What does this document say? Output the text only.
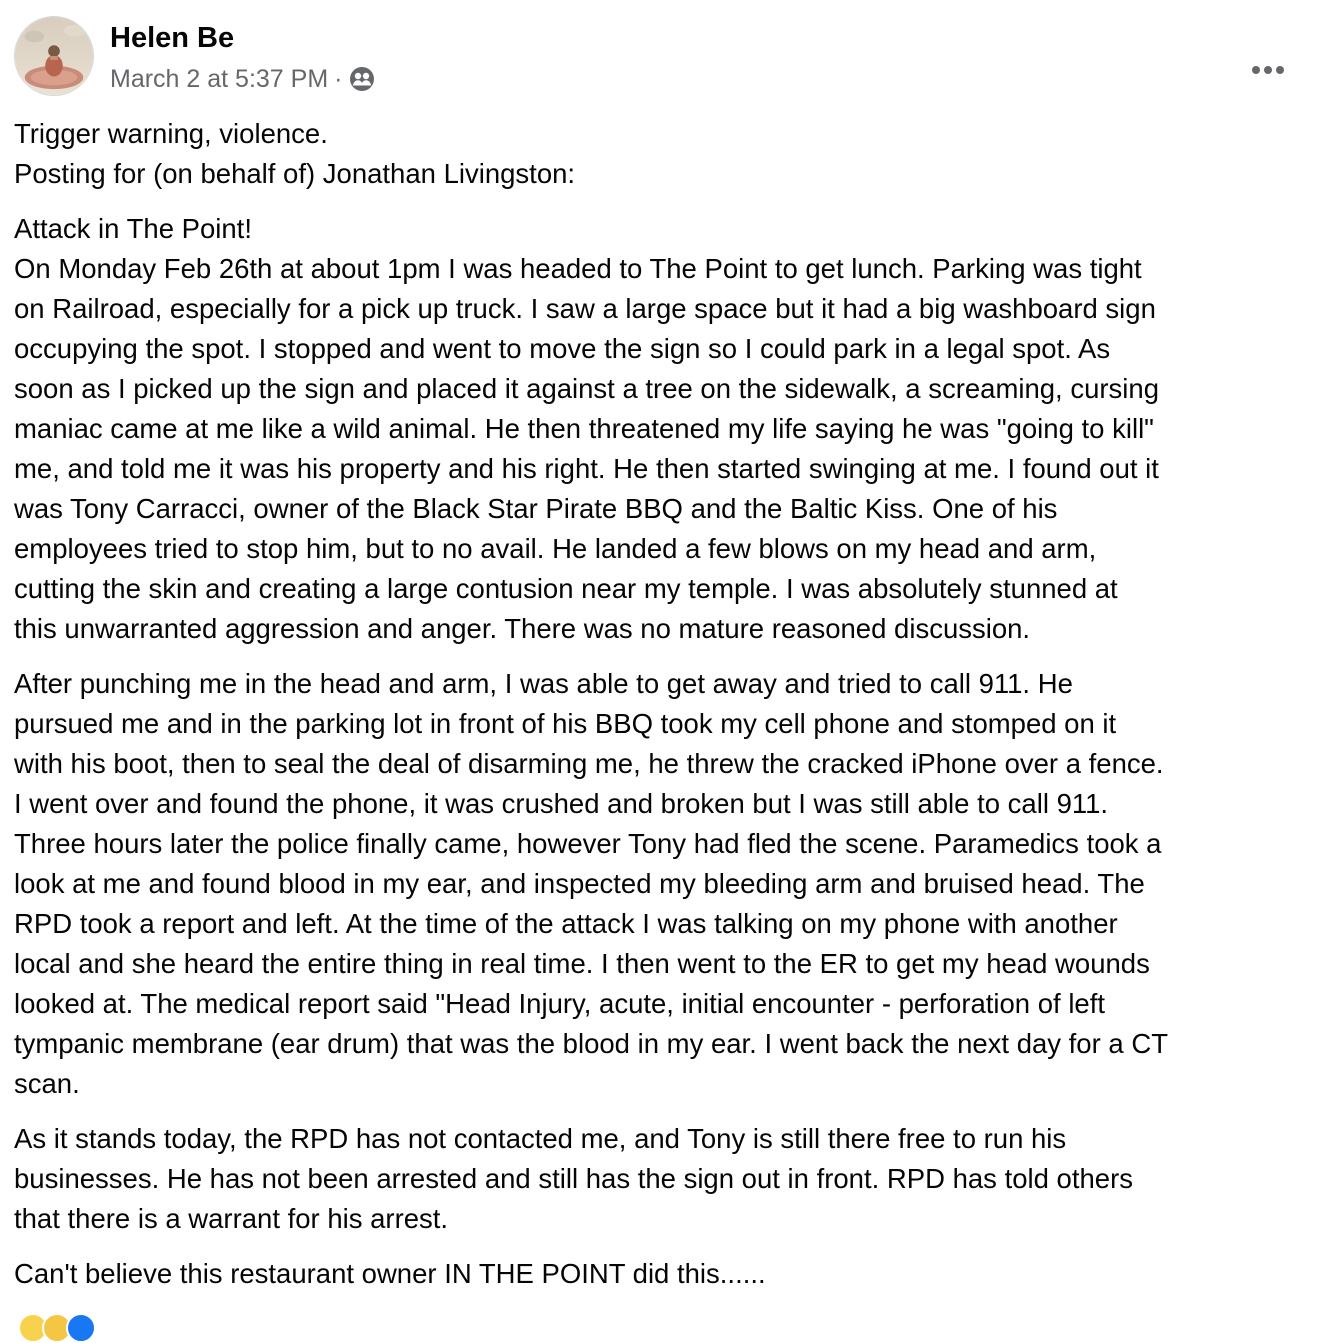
Helen Be
March 2 at 5:37 PM ·
Trigger warning, violence.
Posting for (on behalf of) Jonathan Livingston:
Attack in The Point!
On Monday Feb 26th at about 1pm I was headed to The Point to get lunch. Parking was tight
on Railroad, especially for a pick up truck. I saw a large space but it had a big washboard sign
occupying the spot. I stopped and went to move the sign so I could park in a legal spot. As
soon as I picked up the sign and placed it against a tree on the sidewalk, a screaming, cursing
maniac came at me like a wild animal. He then threatened my life saying he was "going to kill"
me, and told me it was his property and his right. He then started swinging at me. I found out it
was Tony Carracci, owner of the Black Star Pirate BBQ and the Baltic Kiss. One of his
employees tried to stop him, but to no avail. He landed a few blows on my head and arm,
cutting the skin and creating a large contusion near my temple. I was absolutely stunned at
this unwarranted aggression and anger. There was no mature reasoned discussion.
After punching me in the head and arm, I was able to get away and tried to call 911. He
pursued me and in the parking lot in front of his BBQ took my cell phone and stomped on it
with his boot, then to seal the deal of disarming me, he threw the cracked iPhone over a fence.
I went over and found the phone, it was crushed and broken but I was still able to call 911.
Three hours later the police finally came, however Tony had fled the scene. Paramedics took a
look at me and found blood in my ear, and inspected my bleeding arm and bruised head. The
RPD took a report and left. At the time of the attack I was talking on my phone with another
local and she heard the entire thing in real time. I then went to the ER to get my head wounds
looked at. The medical report said "Head Injury, acute, initial encounter - perforation of left
tympanic membrane (ear drum) that was the blood in my ear. I went back the next day for a CT
scan.
As it stands today, the RPD has not contacted me, and Tony is still there free to run his
businesses. He has not been arrested and still has the sign out in front. RPD has told others
that there is a warrant for his arrest.
Can't believe this restaurant owner IN THE POINT did this......
